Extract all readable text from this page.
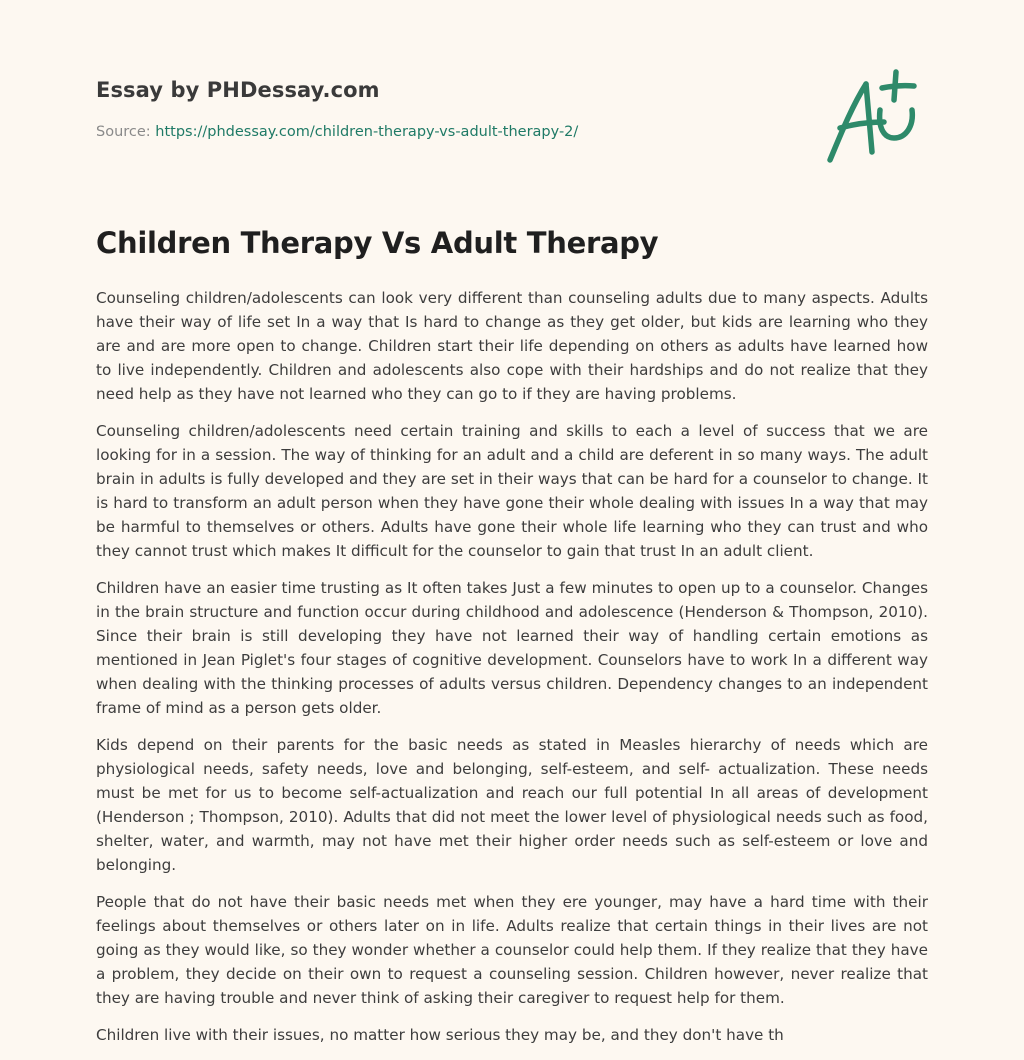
Essay by PHDessay.com
Source: https://phdessay.com/children-therapy-vs-adult-therapy-2/
Children Therapy Vs Adult Therapy

Counseling children/adolescents can look very different than counseling adults due to many aspects. Adults have their way of life set In a way that Is hard to change as they get older, but kids are learning who they are and are more open to change. Children start their life depending on others as adults have learned how to live independently. Children and adolescents also cope with their hardships and do not realize that they need help as they have not learned who they can go to if they are having problems.

Counseling children/adolescents need certain training and skills to each a level of success that we are looking for in a session. The way of thinking for an adult and a child are deferent in so many ways. The adult brain in adults is fully developed and they are set in their ways that can be hard for a counselor to change. It is hard to transform an adult person when they have gone their whole dealing with issues In a way that may be harmful to themselves or others. Adults have gone their whole life learning who they can trust and who they cannot trust which makes It difficult for the counselor to gain that trust In an adult client.

Children have an easier time trusting as It often takes Just a few minutes to open up to a counselor. Changes in the brain structure and function occur during childhood and adolescence (Henderson & Thompson, 2010). Since their brain is still developing they have not learned their way of handling certain emotions as mentioned in Jean Piglet's four stages of cognitive development. Counselors have to work In a different way when dealing with the thinking processes of adults versus children. Dependency changes to an independent frame of mind as a person gets older.

Kids depend on their parents for the basic needs as stated in Measles hierarchy of needs which are physiological needs, safety needs, love and belonging, self-esteem, and self- actualization. These needs must be met for us to become self-actualization and reach our full potential In all areas of development (Henderson ; Thompson, 2010). Adults that did not meet the lower level of physiological needs such as food, shelter, water, and warmth, may not have met their higher order needs such as self-esteem or love and belonging.

People that do not have their basic needs met when they ere younger, may have a hard time with their feelings about themselves or others later on in life. Adults realize that certain things in their lives are not going as they would like, so they wonder whether a counselor could help them. If they realize that they have a problem, they decide on their own to request a counseling session. Children however, never realize that they are having trouble and never think of asking their caregiver to request help for them.

Children live with their issues, no matter how serious they may be, and they don't have th
